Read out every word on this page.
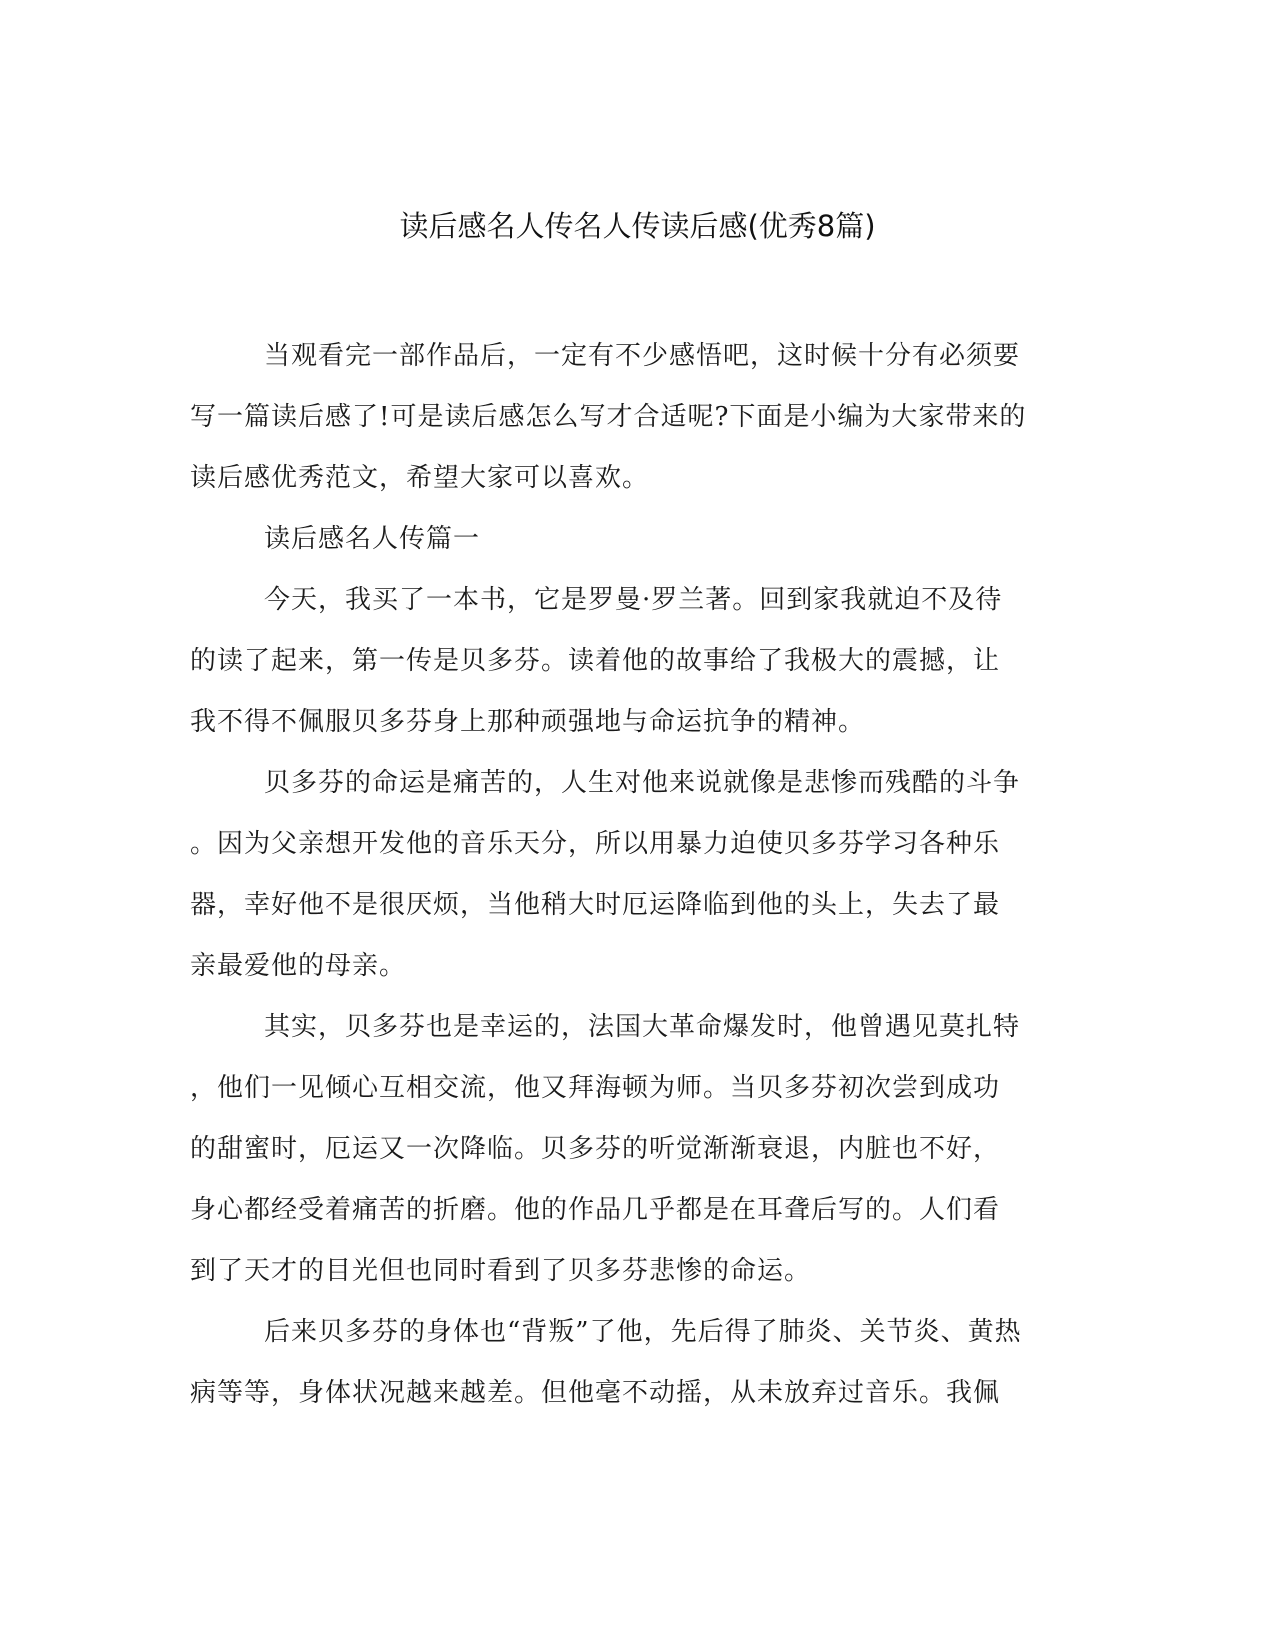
读后感名人传名人传读后感(优秀8篇)
当观看完一部作品后，一定有不少感悟吧，这时候十分有必须要
写一篇读后感了!可是读后感怎么写才合适呢?下面是小编为大家带来的
读后感优秀范文，希望大家可以喜欢。
读后感名人传篇一
今天，我买了一本书，它是罗曼·罗兰著。回到家我就迫不及待
的读了起来，第一传是贝多芬。读着他的故事给了我极大的震撼，让
我不得不佩服贝多芬身上那种顽强地与命运抗争的精神。
贝多芬的命运是痛苦的，人生对他来说就像是悲惨而残酷的斗争
。因为父亲想开发他的音乐天分，所以用暴力迫使贝多芬学习各种乐
器，幸好他不是很厌烦，当他稍大时厄运降临到他的头上，失去了最
亲最爱他的母亲。
其实，贝多芬也是幸运的，法国大革命爆发时，他曾遇见莫扎特
，他们一见倾心互相交流，他又拜海顿为师。当贝多芬初次尝到成功
的甜蜜时，厄运又一次降临。贝多芬的听觉渐渐衰退，内脏也不好，
身心都经受着痛苦的折磨。他的作品几乎都是在耳聋后写的。人们看
到了天才的目光但也同时看到了贝多芬悲惨的命运。
后来贝多芬的身体也“背叛”了他，先后得了肺炎、关节炎、黄热
病等等，身体状况越来越差。但他毫不动摇，从未放弃过音乐。我佩
